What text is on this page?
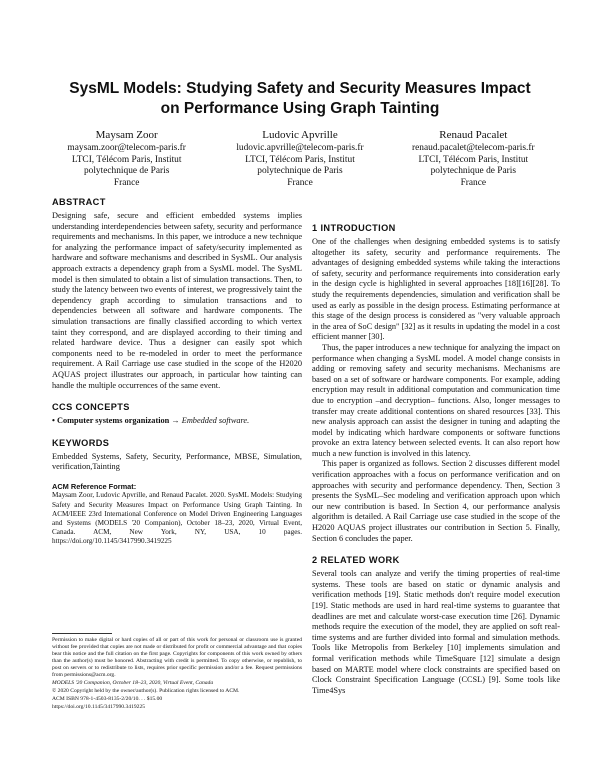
SysML Models: Studying Safety and Security Measures Impact
on Performance Using Graph Tainting
Maysam Zoor
maysam.zoor@telecom-paris.fr
LTCI, Télécom Paris, Institut
polytechnique de Paris
France
Ludovic Apvrille
ludovic.apvrille@telecom-paris.fr
LTCI, Télécom Paris, Institut
polytechnique de Paris
France
Renaud Pacalet
renaud.pacalet@telecom-paris.fr
LTCI, Télécom Paris, Institut
polytechnique de Paris
France
ABSTRACT

Designing safe, secure and efficient embedded systems implies understanding interdependencies between safety, security and performance requirements and mechanisms. In this paper, we introduce a new technique for analyzing the performance impact of safety/security implemented as hardware and software mechanisms and described in SysML. Our analysis approach extracts a dependency graph from a SysML model. The SysML model is then simulated to obtain a list of simulation transactions. Then, to study the latency between two events of interest, we progressively taint the dependency graph according to simulation transactions and to dependencies between all software and hardware components. The simulation transactions are finally classified according to which vertex taint they correspond, and are displayed according to their timing and related hardware device. Thus a designer can easily spot which components need to be re-modeled in order to meet the performance requirement. A Rail Carriage use case studied in the scope of the H2020 AQUAS project illustrates our approach, in particular how tainting can handle the multiple occurrences of the same event.

CCS CONCEPTS
• Computer systems organization → Embedded software.
KEYWORDS

Embedded Systems, Safety, Security, Performance, MBSE, Simulation, verification,Tainting

ACM Reference Format:

Maysam Zoor, Ludovic Apvrille, and Renaud Pacalet. 2020. SysML Models: Studying Safety and Security Measures Impact on Performance Using Graph Tainting. In ACM/IEEE 23rd International Conference on Model Driven Engineering Languages and Systems (MODELS '20 Companion), October 18–23, 2020, Virtual Event, Canada. ACM, New York, NY, USA, 10 pages. https://doi.org/10.1145/3417990.3419225

Permission to make digital or hard copies of all or part of this work for personal or classroom use is granted without fee provided that copies are not made or distributed for profit or commercial advantage and that copies bear this notice and the full citation on the first page. Copyrights for components of this work owned by others than the author(s) must be honored. Abstracting with credit is permitted. To copy otherwise, or republish, to post on servers or to redistribute to lists, requires prior specific permission and/or a fee. Request permissions from permissions@acm.org.

MODELS '20 Companion, October 18–23, 2020, Virtual Event, Canada

© 2020 Copyright held by the owner/author(s). Publication rights licensed to ACM.

ACM ISBN 978-1-4503-8135-2/20/10. . . $15.00

https://doi.org/10.1145/3417990.3419225

1 INTRODUCTION

One of the challenges when designing embedded systems is to satisfy altogether its safety, security and performance requirements. The advantages of designing embedded systems while taking the interactions of safety, security and performance requirements into consideration early in the design cycle is highlighted in several approaches [18][16][28]. To study the requirements dependencies, simulation and verification shall be used as early as possible in the design process. Estimating performance at this stage of the design process is considered as "very valuable approach in the area of SoC design" [32] as it results in updating the model in a cost efficient manner [30].

Thus, the paper introduces a new technique for analyzing the impact on performance when changing a SysML model. A model change consists in adding or removing safety and security mechanisms. Mechanisms are based on a set of software or hardware components. For example, adding encryption may result in additional computation and communication time due to encryption –and decryption– functions. Also, longer messages to transfer may create additional contentions on shared resources [33]. This new analysis approach can assist the designer in tuning and adapting the model by indicating which hardware components or software functions provoke an extra latency between selected events. It can also report how much a new function is involved in this latency.

This paper is organized as follows. Section 2 discusses different model verification approaches with a focus on performance verification and on approaches with security and performance dependency. Then, Section 3 presents the SysML–Sec modeling and verification approach upon which our new contribution is based. In Section 4, our performance analysis algorithm is detailed. A Rail Carriage use case studied in the scope of the H2020 AQUAS project illustrates our contribution in Section 5. Finally, Section 6 concludes the paper.

2 RELATED WORK

Several tools can analyze and verify the timing properties of real-time systems. These tools are based on static or dynamic analysis and verification methods [19]. Static methods don't require model execution [19]. Static methods are used in hard real-time systems to guarantee that deadlines are met and calculate worst-case execution time [26]. Dynamic methods require the execution of the model, they are applied on soft real-time systems and are further divided into formal and simulation methods. Tools like Metropolis from Berkeley [10] implements simulation and formal verification methods while TimeSquare [12] simulate a design based on MARTE model where clock constraints are specified based on Clock Constraint Specification Language (CCSL) [9]. Some tools like Time4Sys
